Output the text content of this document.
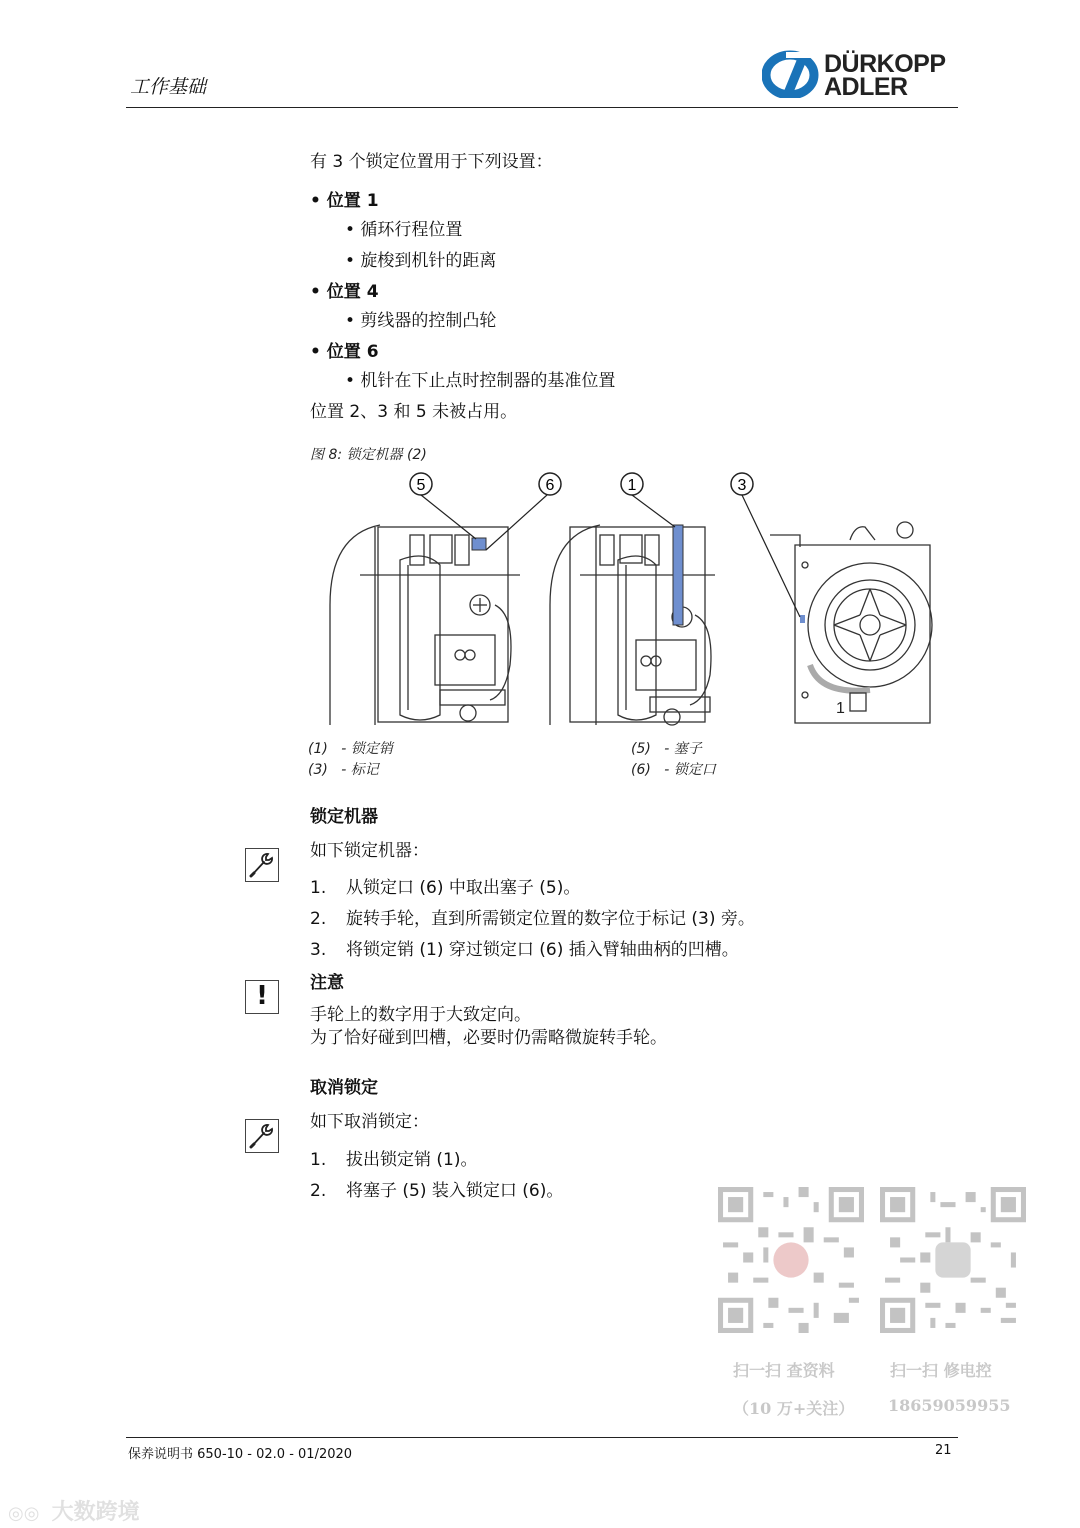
工作基础
DÜRKOPP
ADLER
有 3 个锁定位置用于下列设置：
• 位置 1
• 循环行程位置
• 旋梭到机针的距离
• 位置 4
• 剪线器的控制凸轮
• 位置 6
• 机针在下止点时控制器的基准位置
位置 2、3 和 5 未被占用。
图 8: 锁定机器 (2)
1
5	6	1	3
(1) - 锁定销
(3) - 标记
(5) - 塞子
(6) - 锁定口
锁定机器
如下锁定机器：
1. 从锁定口 (6) 中取出塞子 (5)。
2. 旋转手轮，直到所需锁定位置的数字位于标记 (3) 旁。
3. 将锁定销 (1) 穿过锁定口 (6) 插入臂轴曲柄的凹槽。
!	注意
手轮上的数字用于大致定向。
为了恰好碰到凹槽，必要时仍需略微旋转手轮。
取消锁定
如下取消锁定：
1. 拔出锁定销 (1)。
2. 将塞子 (5) 装入锁定口 (6)。
扫一扫 查资料
（10 万+关注）
扫一扫 修电控
18659059955
保养说明书 650-10 - 02.0 - 01/2020	21
◎◎ 大数跨境
